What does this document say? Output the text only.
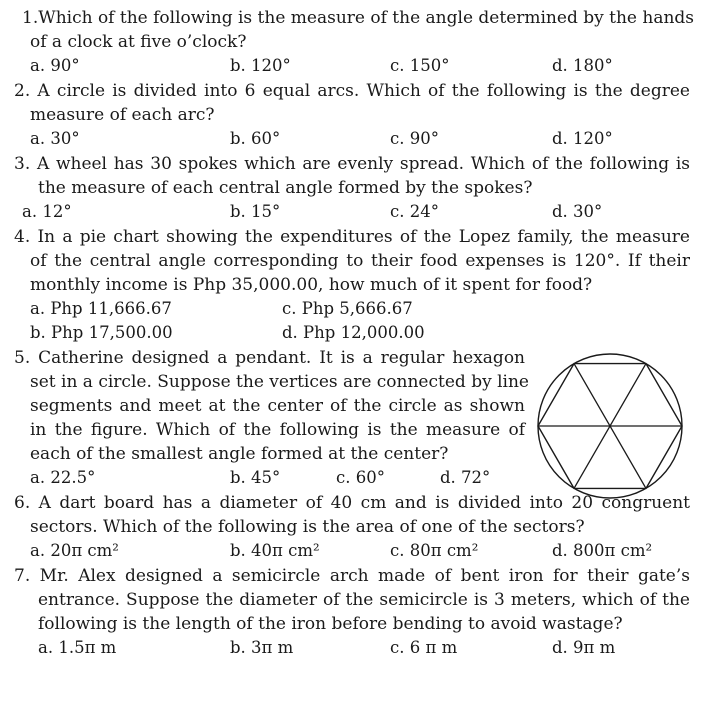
1.Which of the following is the measure of the angle determined by the hands
of a clock at five o’clock?
a. 90°	b. 120°	c. 150°	d. 180°
2. A circle is divided into 6 equal arcs. Which of the following is the degree
measure of each arc?
a. 30°	b. 60°	c. 90°	d. 120°
3. A wheel has 30 spokes which are evenly spread. Which of the following is
the measure of each central angle formed by the spokes?
a. 12°	b. 15°	c. 24°	d. 30°
4. In a pie chart showing the expenditures of the Lopez family, the measure
of the central angle corresponding to their food expenses is 120°. If their
monthly income is Php 35,000.00, how much of it spent for food?
a. Php 11,666.67	c. Php 5,666.67
b. Php 17,500.00	d. Php 12,000.00
5. Catherine designed a pendant. It is a regular hexagon
set in a circle. Suppose the vertices are connected by line
segments and meet at the center of the circle as shown
in the figure. Which of the following is the measure of
each of the smallest angle formed at the center?
a. 22.5°	b. 45°	c. 60°	d. 72°
6. A dart board has a diameter of 40 cm and is divided into 20 congruent
sectors. Which of the following is the area of one of the sectors?
a. 20π cm²	b. 40π cm²	c. 80π cm²	d. 800π cm²
7. Mr. Alex designed a semicircle arch made of bent iron for their gate’s
entrance. Suppose the diameter of the semicircle is 3 meters, which of the
following is the length of the iron before bending to avoid wastage?
a. 1.5π m	b. 3π m	c. 6 π m	d. 9π m
